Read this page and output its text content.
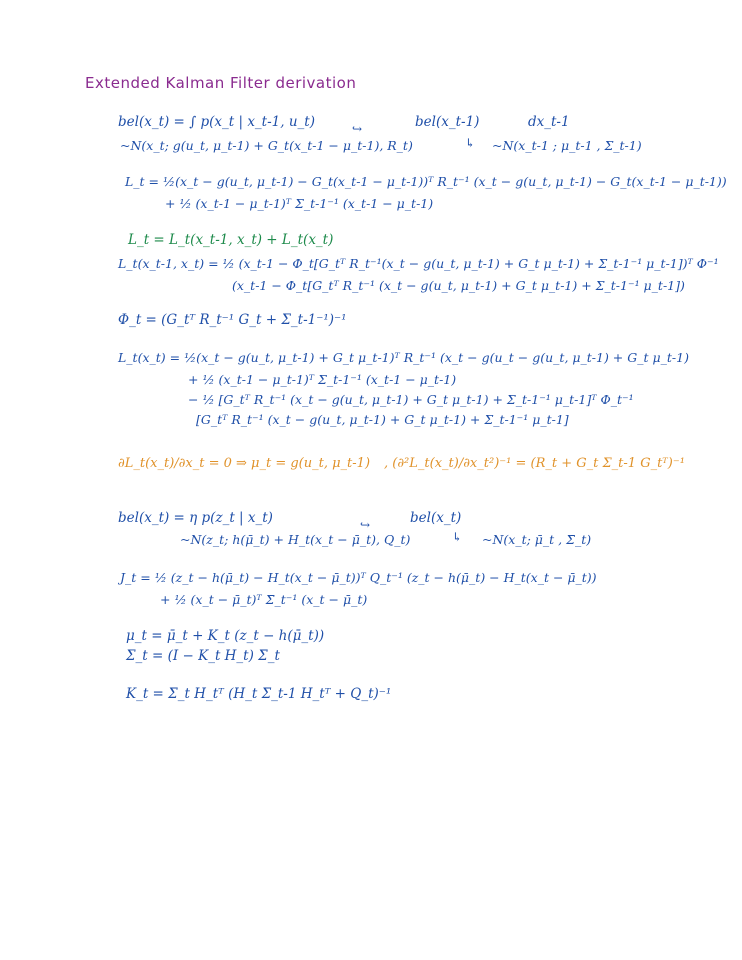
Extended Kalman Filter derivation
bel(x_t) = ∫ p(x_t | x_t-1, u_t)	↪	bel(x_t-1)	dx_t-1
~N(x_t; g(u_t, μ_t-1) + G_t(x_t-1 − μ_t-1), R_t)	↳ ~N(x_t-1 ; μ_t-1 , Σ_t-1)
L_t = ½(x_t − g(u_t, μ_t-1) − G_t(x_t-1 − μ_t-1))ᵀ R_t⁻¹ (x_t − g(u_t, μ_t-1) − G_t(x_t-1 − μ_t-1))
+ ½ (x_t-1 − μ_t-1)ᵀ Σ_t-1⁻¹ (x_t-1 − μ_t-1)
L_t = L_t(x_t-1, x_t) + L_t(x_t)
L_t(x_t-1, x_t) = ½ (x_t-1 − Φ_t[G_tᵀ R_t⁻¹(x_t − g(u_t, μ_t-1) + G_t μ_t-1) + Σ_t-1⁻¹ μ_t-1])ᵀ Φ⁻¹
(x_t-1 − Φ_t[G_tᵀ R_t⁻¹ (x_t − g(u_t, μ_t-1) + G_t μ_t-1) + Σ_t-1⁻¹ μ_t-1])
Φ_t = (G_tᵀ R_t⁻¹ G_t + Σ_t-1⁻¹)⁻¹
L_t(x_t) = ½(x_t − g(u_t, μ_t-1) + G_t μ_t-1)ᵀ R_t⁻¹ (x_t − g(u_t − g(u_t, μ_t-1) + G_t μ_t-1)
+ ½ (x_t-1 − μ_t-1)ᵀ Σ_t-1⁻¹ (x_t-1 − μ_t-1)
− ½ [G_tᵀ R_t⁻¹ (x_t − g(u_t, μ_t-1) + G_t μ_t-1) + Σ_t-1⁻¹ μ_t-1]ᵀ Φ_t⁻¹
[G_tᵀ R_t⁻¹ (x_t − g(u_t, μ_t-1) + G_t μ_t-1) + Σ_t-1⁻¹ μ_t-1]
∂L_t(x_t)/∂x_t = 0 ⇒ μ_t = g(u_t, μ_t-1) , (∂²L_t(x_t)/∂x_t²)⁻¹ = (R_t + G_t Σ_t-1 G_tᵀ)⁻¹
bel(x_t) = η p(z_t | x_t)	↪	bel(x_t)
~N(z_t; h(μ̄_t) + H_t(x_t − μ̄_t), Q_t)	↳ ~N(x_t; μ̄_t , Σ̄_t)
J_t = ½ (z_t − h(μ̄_t) − H_t(x_t − μ̄_t))ᵀ Q_t⁻¹ (z_t − h(μ̄_t) − H_t(x_t − μ̄_t))
+ ½ (x_t − μ̄_t)ᵀ Σ̄_t⁻¹ (x_t − μ̄_t)
μ_t = μ̄_t + K_t (z_t − h(μ̄_t))
Σ_t = (I − K_t H_t) Σ̄_t
K_t = Σ̄_t H_tᵀ (H_t Σ̄_t-1 H_tᵀ + Q_t)⁻¹
